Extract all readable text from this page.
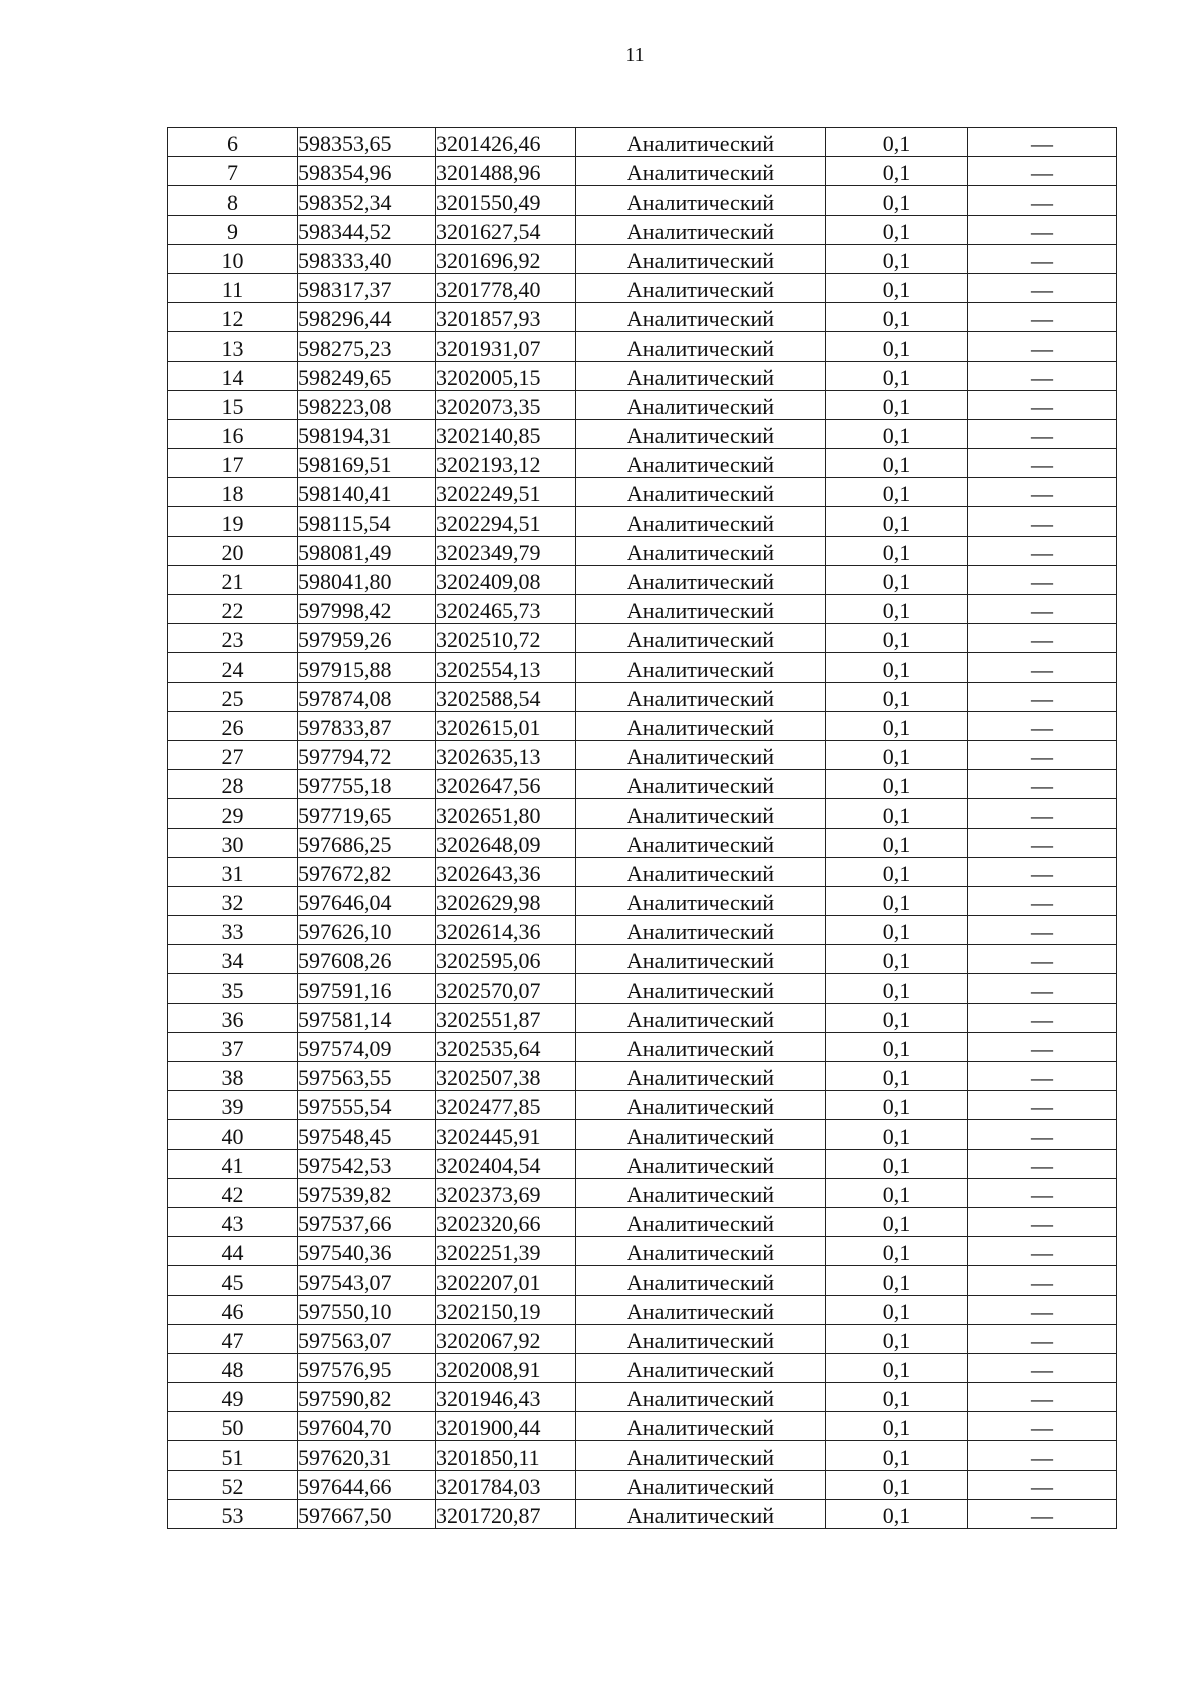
11
6	598353,65	3201426,46	Аналитический	0,1	—
7	598354,96	3201488,96	Аналитический	0,1	—
8	598352,34	3201550,49	Аналитический	0,1	—
9	598344,52	3201627,54	Аналитический	0,1	—
10	598333,40	3201696,92	Аналитический	0,1	—
11	598317,37	3201778,40	Аналитический	0,1	—
12	598296,44	3201857,93	Аналитический	0,1	—
13	598275,23	3201931,07	Аналитический	0,1	—
14	598249,65	3202005,15	Аналитический	0,1	—
15	598223,08	3202073,35	Аналитический	0,1	—
16	598194,31	3202140,85	Аналитический	0,1	—
17	598169,51	3202193,12	Аналитический	0,1	—
18	598140,41	3202249,51	Аналитический	0,1	—
19	598115,54	3202294,51	Аналитический	0,1	—
20	598081,49	3202349,79	Аналитический	0,1	—
21	598041,80	3202409,08	Аналитический	0,1	—
22	597998,42	3202465,73	Аналитический	0,1	—
23	597959,26	3202510,72	Аналитический	0,1	—
24	597915,88	3202554,13	Аналитический	0,1	—
25	597874,08	3202588,54	Аналитический	0,1	—
26	597833,87	3202615,01	Аналитический	0,1	—
27	597794,72	3202635,13	Аналитический	0,1	—
28	597755,18	3202647,56	Аналитический	0,1	—
29	597719,65	3202651,80	Аналитический	0,1	—
30	597686,25	3202648,09	Аналитический	0,1	—
31	597672,82	3202643,36	Аналитический	0,1	—
32	597646,04	3202629,98	Аналитический	0,1	—
33	597626,10	3202614,36	Аналитический	0,1	—
34	597608,26	3202595,06	Аналитический	0,1	—
35	597591,16	3202570,07	Аналитический	0,1	—
36	597581,14	3202551,87	Аналитический	0,1	—
37	597574,09	3202535,64	Аналитический	0,1	—
38	597563,55	3202507,38	Аналитический	0,1	—
39	597555,54	3202477,85	Аналитический	0,1	—
40	597548,45	3202445,91	Аналитический	0,1	—
41	597542,53	3202404,54	Аналитический	0,1	—
42	597539,82	3202373,69	Аналитический	0,1	—
43	597537,66	3202320,66	Аналитический	0,1	—
44	597540,36	3202251,39	Аналитический	0,1	—
45	597543,07	3202207,01	Аналитический	0,1	—
46	597550,10	3202150,19	Аналитический	0,1	—
47	597563,07	3202067,92	Аналитический	0,1	—
48	597576,95	3202008,91	Аналитический	0,1	—
49	597590,82	3201946,43	Аналитический	0,1	—
50	597604,70	3201900,44	Аналитический	0,1	—
51	597620,31	3201850,11	Аналитический	0,1	—
52	597644,66	3201784,03	Аналитический	0,1	—
53	597667,50	3201720,87	Аналитический	0,1	—
